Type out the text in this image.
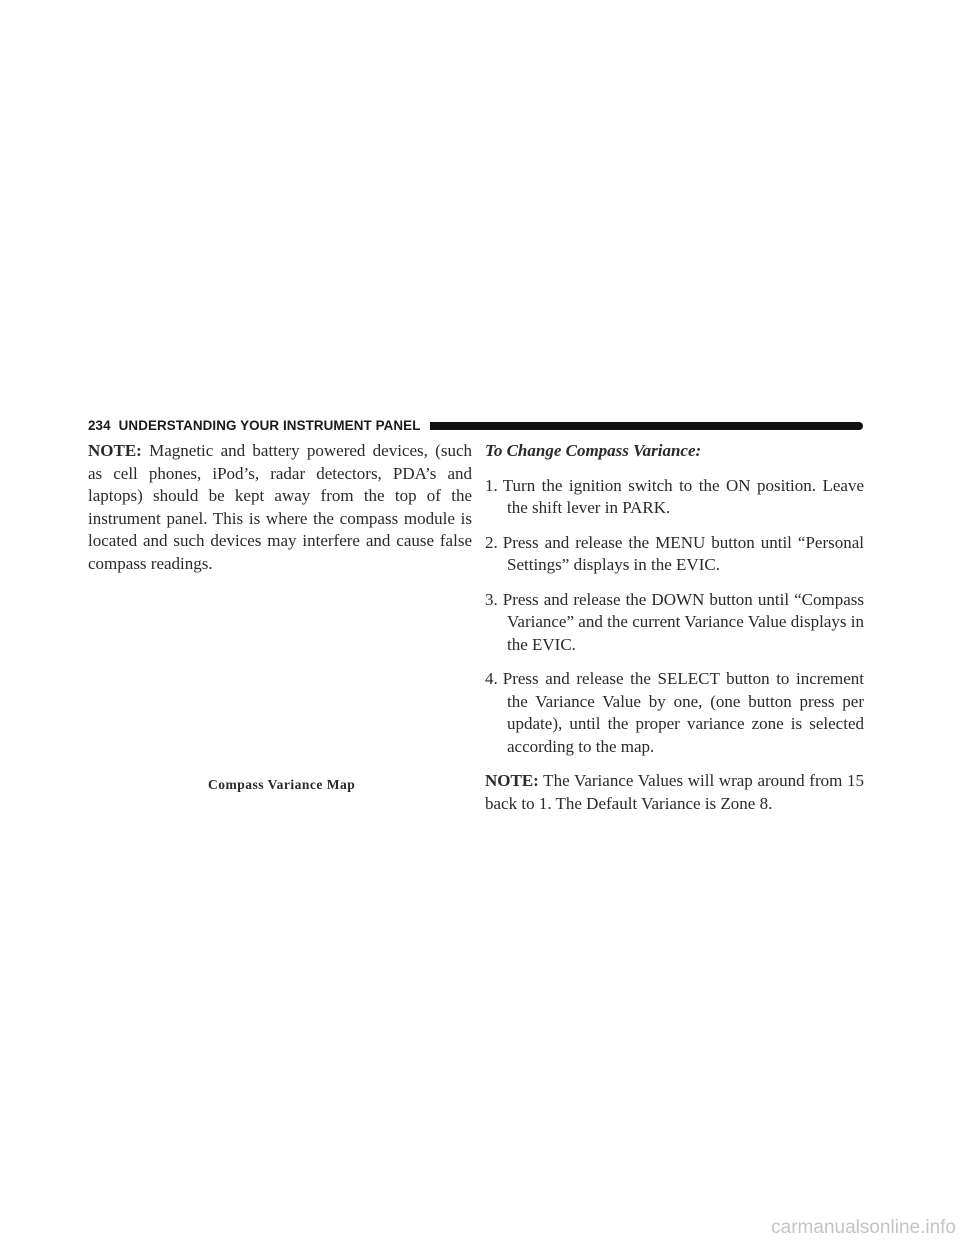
234 UNDERSTANDING YOUR INSTRUMENT PANEL

NOTE: Magnetic and battery powered devices, (such as cell phones, iPod’s, radar detectors, PDA’s and laptops) should be kept away from the top of the instrument panel. This is where the compass module is located and such devices may interfere and cause false compass readings.

Compass Variance Map

To Change Compass Variance:

1. Turn the ignition switch to the ON position. Leave the shift lever in PARK.

2. Press and release the MENU button until “Personal Settings” displays in the EVIC.

3. Press and release the DOWN button until “Compass Variance” and the current Variance Value displays in the EVIC.

4. Press and release the SELECT button to increment the Variance Value by one, (one button press per update), until the proper variance zone is selected according to the map.

NOTE: The Variance Values will wrap around from 15 back to 1. The Default Variance is Zone 8.

carmanualsonline.info
